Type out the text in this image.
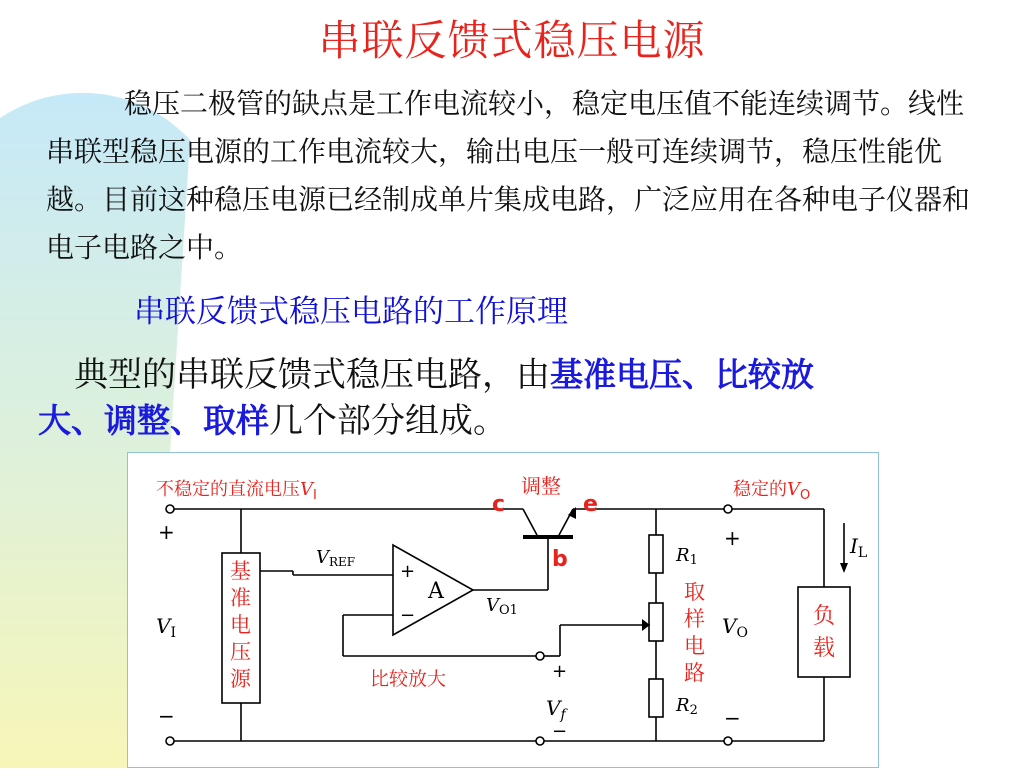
串联反馈式稳压电源

稳压二极管的缺点是工作电流较小，稳定电压值不能连续调节。线性串联型稳压电源的工作电流较大，输出电压一般可连续调节，稳压性能优越。目前这种稳压电源已经制成单片集成电路，广泛应用在各种电子仪器和电子电路之中。

串联反馈式稳压电路的工作原理

典型的串联反馈式稳压电路，由基准电压、比较放
大、调整、取样几个部分组成。

不稳定的直流电压$V_I$	调整
c	e
b
稳定的$V_O$
+
−
$V_I$
基
准
电
压
源
VREF +
−
A
VO1
比较放大	+
$V_f$
−
R1
R2
取
样
电
路
+
$V_O$
−
$I_L$
负
载
